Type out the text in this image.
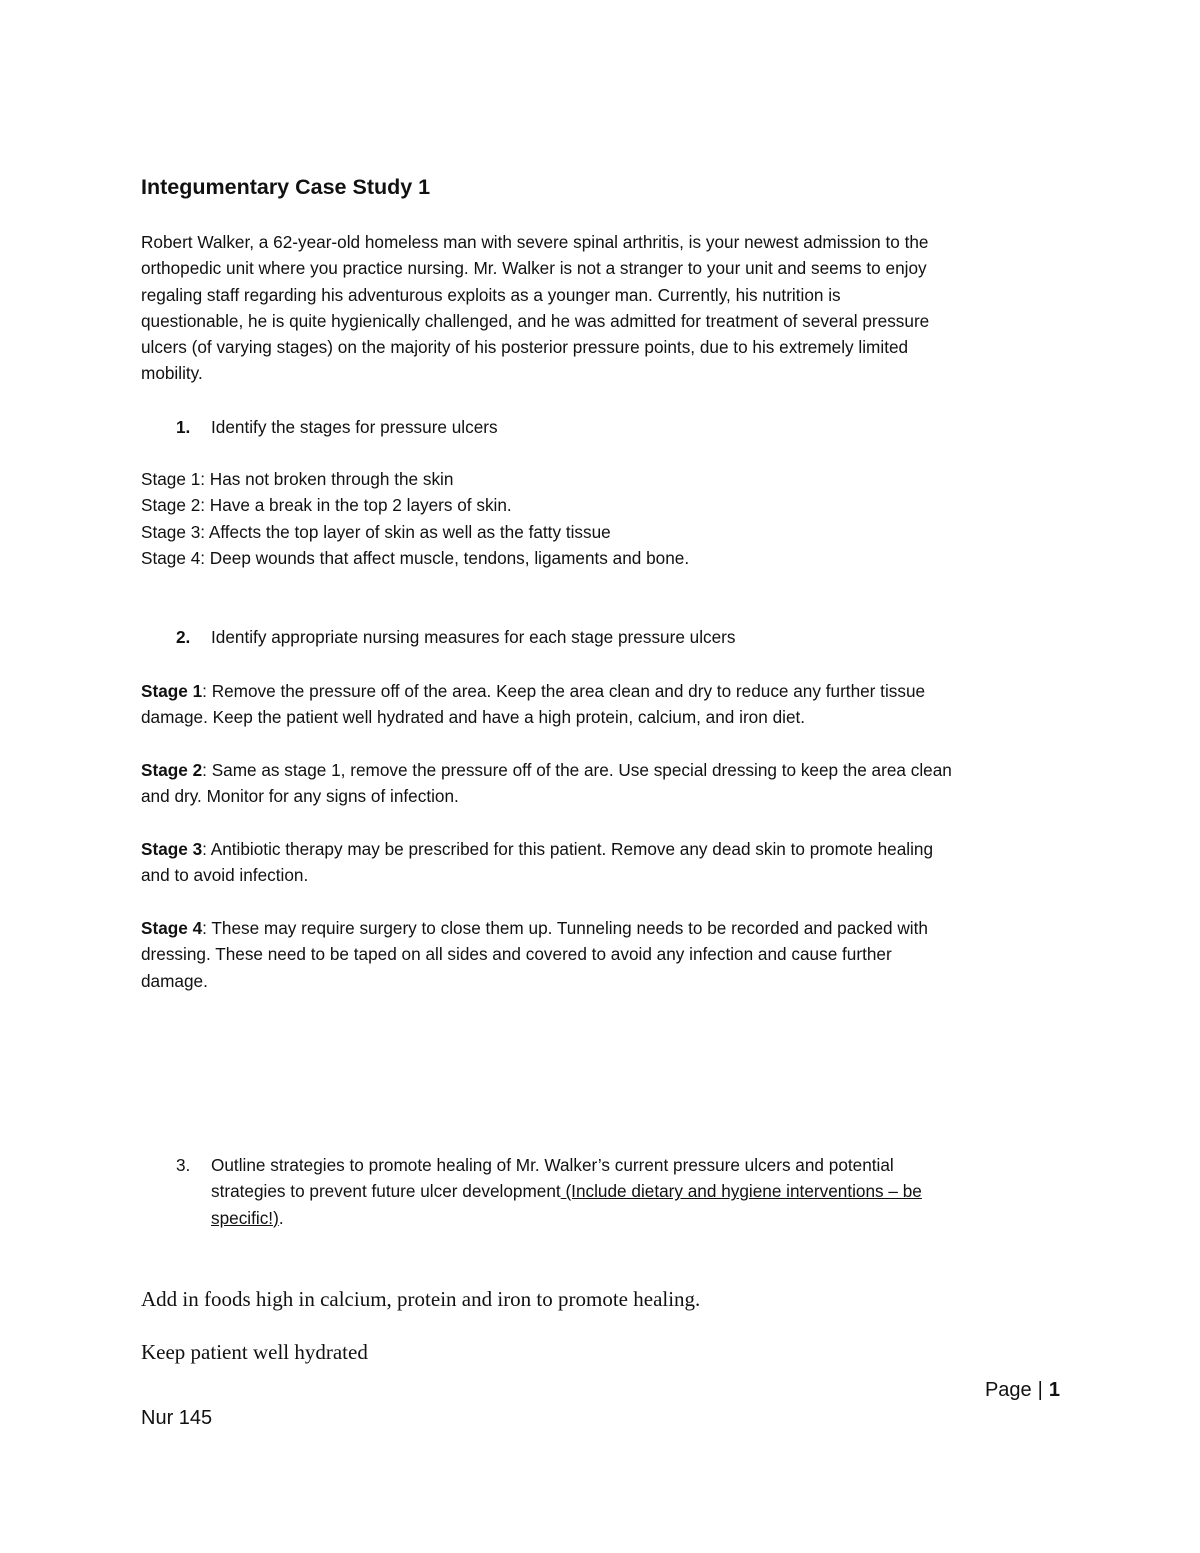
Integumentary Case Study 1
Robert Walker, a 62-year-old homeless man with severe spinal arthritis, is your newest admission to the
orthopedic unit where you practice nursing. Mr. Walker is not a stranger to your unit and seems to enjoy
regaling staff regarding his adventurous exploits as a younger man. Currently, his nutrition is
questionable, he is quite hygienically challenged, and he was admitted for treatment of several pressure
ulcers (of varying stages) on the majority of his posterior pressure points, due to his extremely limited
mobility.
1. Identify the stages for pressure ulcers
Stage 1: Has not broken through the skin
Stage 2: Have a break in the top 2 layers of skin.
Stage 3: Affects the top layer of skin as well as the fatty tissue
Stage 4: Deep wounds that affect muscle, tendons, ligaments and bone.
2. Identify appropriate nursing measures for each stage pressure ulcers
Stage 1: Remove the pressure off of the area. Keep the area clean and dry to reduce any further tissue
damage. Keep the patient well hydrated and have a high protein, calcium, and iron diet.
Stage 2: Same as stage 1, remove the pressure off of the are. Use special dressing to keep the area clean
and dry. Monitor for any signs of infection.
Stage 3: Antibiotic therapy may be prescribed for this patient. Remove any dead skin to promote healing
and to avoid infection.
Stage 4: These may require surgery to close them up. Tunneling needs to be recorded and packed with
dressing. These need to be taped on all sides and covered to avoid any infection and cause further
damage.
3. Outline strategies to promote healing of Mr. Walker’s current pressure ulcers and potential
strategies to prevent future ulcer development (Include dietary and hygiene interventions – be
specific!).
Add in foods high in calcium, protein and iron to promote healing.
Keep patient well hydrated
Page | 1
Nur 145
